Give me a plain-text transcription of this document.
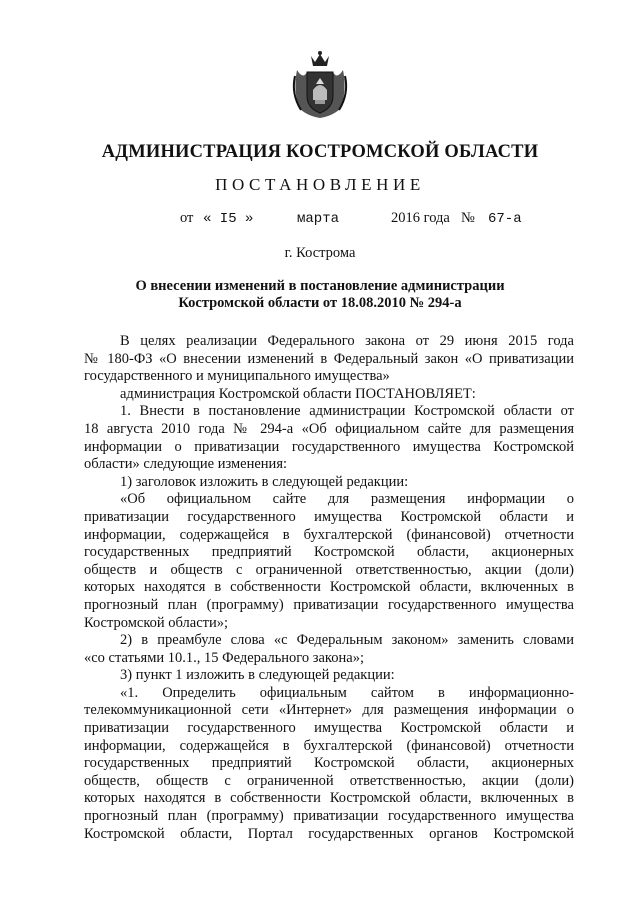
АДМИНИСТРАЦИЯ КОСТРОМСКОЙ ОБЛАСТИ
ПОСТАНОВЛЕНИЕ
от « I5 »	марта	2016 года № 67-а
г. Кострома
О внесении изменений в постановление администрации
Костромской области от 18.08.2010 № 294-а
В целях реализации Федерального закона от 29 июня 2015 года
№ 180-ФЗ «О внесении изменений в Федеральный закон «О приватизации
государственного и муниципального имущества»
администрация Костромской области ПОСТАНОВЛЯЕТ:
1. Внести в постановление администрации Костромской области от
18 августа 2010 года № 294-а «Об официальном сайте для размещения
информации о приватизации государственного имущества Костромской
области» следующие изменения:
1) заголовок изложить в следующей редакции:
«Об официальном сайте для размещения информации о
приватизации государственного имущества Костромской области и
информации, содержащейся в бухгалтерской (финансовой) отчетности
государственных предприятий Костромской области, акционерных
обществ и обществ с ограниченной ответственностью, акции (доли)
которых находятся в собственности Костромской области, включенных в
прогнозный план (программу) приватизации государственного имущества
Костромской области»;
2) в преамбуле слова «с Федеральным законом» заменить словами
«со статьями 10.1., 15 Федерального закона»;
3) пункт 1 изложить в следующей редакции:
«1. Определить официальным сайтом в информационно-
телекоммуникационной сети «Интернет» для размещения информации о
приватизации государственного имущества Костромской области и
информации, содержащейся в бухгалтерской (финансовой) отчетности
государственных предприятий Костромской области, акционерных
обществ, обществ с ограниченной ответственностью, акции (доли)
которых находятся в собственности Костромской области, включенных в
прогнозный план (программу) приватизации государственного имущества
Костромской области, Портал государственных органов Костромской
